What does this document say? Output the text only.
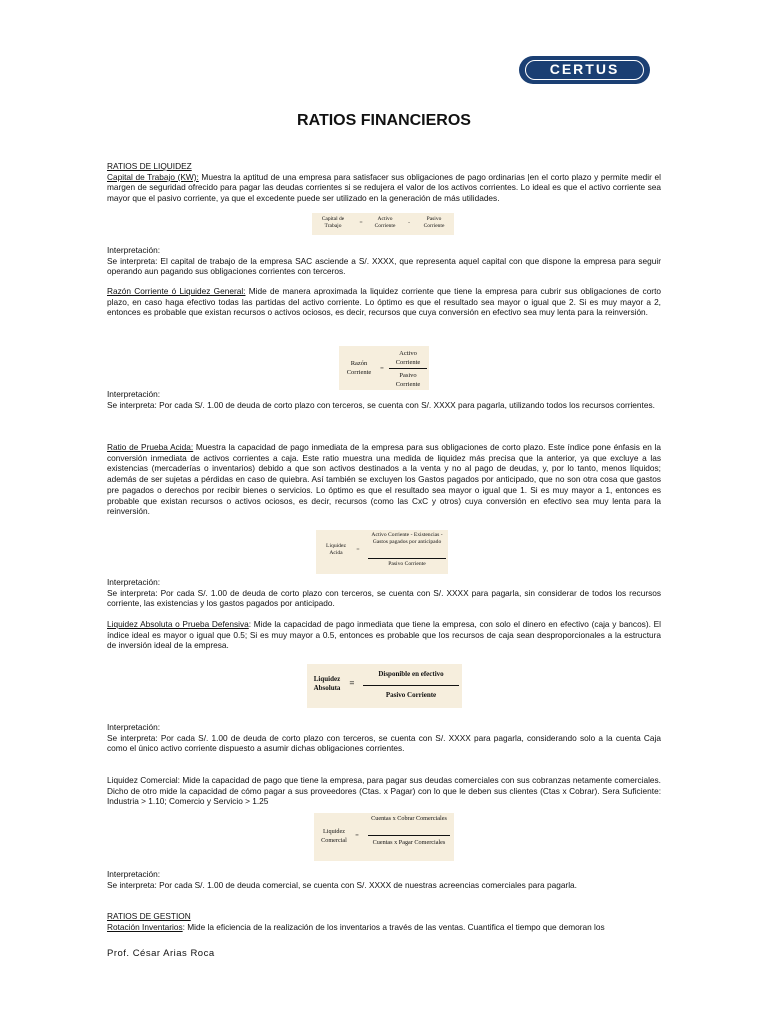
CERTUS
RATIOS FINANCIEROS
RATIOS DE LIQUIDEZ
Capital de Trabajo (KW): Muestra la aptitud de una empresa para satisfacer sus obligaciones de pago ordinarias |en el corto plazo y permite medir el margen de seguridad ofrecido para pagar las deudas corrientes si se redujera el valor de los activos corrientes. Lo ideal es que el activo corriente sea mayor que el pasivo corriente, ya que el excedente puede ser utilizado en la generación de más utilidades.
Capital de Trabajo	=
Activo Corriente	-
Pasivo Corriente
Interpretación:
Se interpreta: El capital de trabajo de la empresa SAC asciende a S/. XXXX, que representa aquel capital con que dispone la empresa para seguir operando aun pagando sus obligaciones corrientes con terceros.
Razón Corriente ó Liquidez General: Mide de manera aproximada la liquidez corriente que tiene la empresa para cubrir sus obligaciones de corto plazo, en caso haga efectivo todas las partidas del activo corriente. Lo óptimo es que el resultado sea mayor o igual que 2. Si es muy mayor a 2, entonces es probable que existan recursos o activos ociosos, es decir, recursos que cuya conversión en efectivo sea muy lenta para la reinversión.
Razón Corriente
=
Activo Corriente
Pasivo Corriente
Interpretación:
Se interpreta: Por cada S/. 1.00 de deuda de corto plazo con terceros, se cuenta con S/. XXXX para pagarla, utilizando todos los recursos corrientes.
Ratio de Prueba Acida: Muestra la capacidad de pago inmediata de la empresa para sus obligaciones de corto plazo. Este índice pone énfasis en la conversión inmediata de activos corrientes a caja. Este ratio muestra una medida de liquidez más precisa que la anterior, ya que excluye a las existencias (mercaderías o inventarios) debido a que son activos destinados a la venta y no al pago de deudas, y, por lo tanto, menos líquidos; además de ser sujetas a pérdidas en caso de quiebra. Así también se excluyen los Gastos pagados por anticipado, que no son otra cosa que gastos pre pagados o derechos por recibir bienes o servicios. Lo óptimo es que el resultado sea mayor o igual que 1. Si es muy mayor a 1, entonces es probable que existan recursos o activos ociosos, es decir, recursos (como las CxC y otros) cuya conversión en efectivo sea muy lenta para la reinversión.
Liquidez Acida
=
Activo Corriente - Existencias - Gastos pagados por anticipado
Pasivo Corriente
Interpretación:
Se interpreta: Por cada S/. 1.00 de deuda de corto plazo con terceros, se cuenta con S/. XXXX para pagarla, sin considerar de todos los recursos corriente, las existencias y los gastos pagados por anticipado.
Liquidez Absoluta o Prueba Defensiva: Mide la capacidad de pago inmediata que tiene la empresa, con solo el dinero en efectivo (caja y bancos). El índice ideal es mayor o igual que 0.5; Si es muy mayor a 0.5, entonces es probable que los recursos de caja sean desproporcionales a la estructura de inversión ideal de la empresa.
Liquidez Absoluta	=
Disponible en efectivo
Pasivo Corriente
Interpretación:
Se interpreta: Por cada S/. 1.00 de deuda de corto plazo con terceros, se cuenta con S/. XXXX para pagarla, considerando solo a la cuenta Caja como el único activo corriente dispuesto a asumir dichas obligaciones corrientes.
Liquidez Comercial: Mide la capacidad de pago que tiene la empresa, para pagar sus deudas comerciales con sus cobranzas netamente comerciales. Dicho de otro mide la capacidad de cómo pagar a sus proveedores (Ctas. x Pagar) con lo que le deben sus clientes (Ctas x Cobrar). Sera Suficiente: Industria > 1.10; Comercio y Servicio > 1.25
Liquidez Comercial
=
Cuentas x Cobrar Comerciales
Cuentas x Pagar Comerciales
Interpretación:
Se interpreta: Por cada S/. 1.00 de deuda comercial, se cuenta con S/. XXXX de nuestras acreencias comerciales para pagarla.
RATIOS DE GESTION
Rotación Inventarios: Mide la eficiencia de la realización de los inventarios a través de las ventas. Cuantifica el tiempo que demoran los
Prof. César Arias Roca
